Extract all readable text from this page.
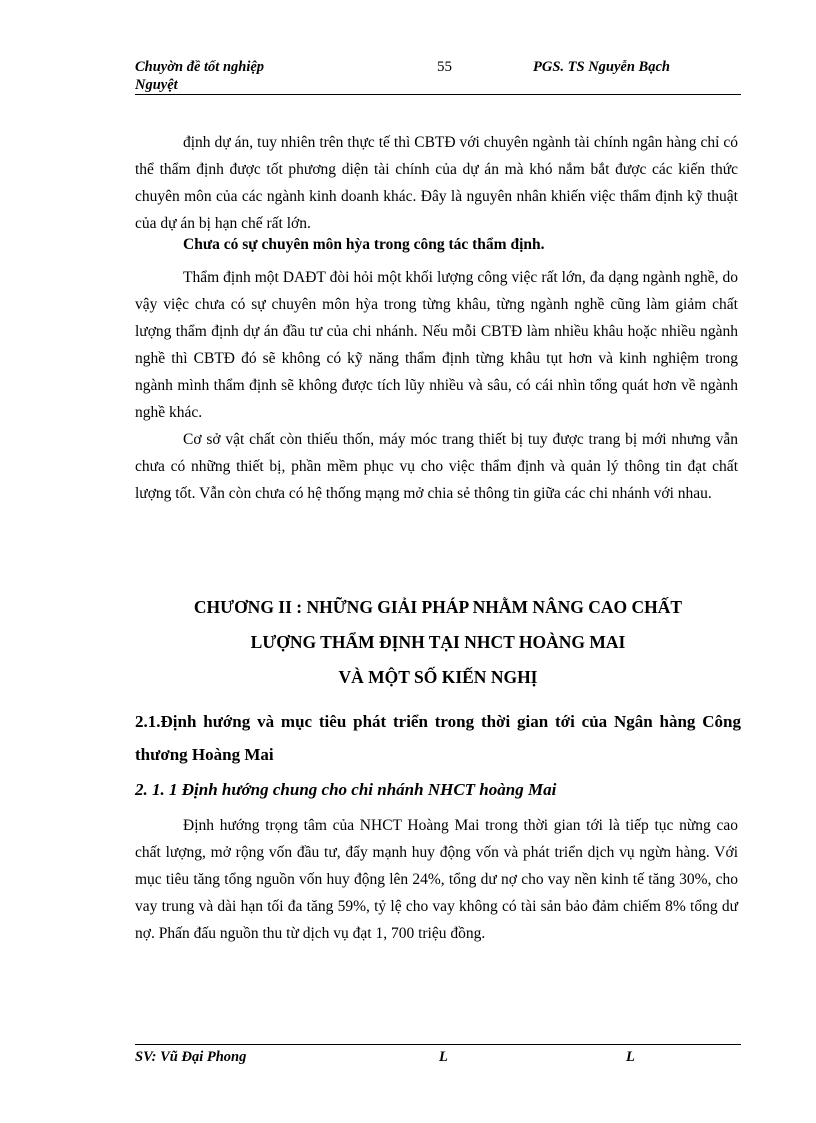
Chuyờn đề tốt nghiệp	55	PGS. TS Nguyễn Bạch
Nguyệt

định dự án, tuy nhiên trên thực tế thì CBTĐ với chuyên ngành tài chính ngân hàng chỉ có thể thẩm định được tốt phương diện tài chính của dự án mà khó nắm bắt được các kiến thức chuyên môn của các ngành kinh doanh khác. Đây là nguyên nhân khiến việc thẩm định kỹ thuật của dự án bị hạn chế rất lớn.

Chưa có sự chuyên môn hỳa trong công tác thẩm định.

Thẩm định một DAĐT đòi hỏi một khối lượng công việc rất lớn, đa dạng ngành nghề, do vậy việc chưa có sự chuyên môn hỳa trong từng khâu, từng ngành nghề cũng làm giảm chất lượng thẩm định dự án đầu tư của chi nhánh. Nếu mỗi CBTĐ làm nhiều khâu hoặc nhiều ngành nghề thì CBTĐ đó sẽ không có kỹ năng thẩm định từng khâu tụt hơn và kinh nghiệm trong ngành mình thẩm định sẽ không được tích lũy nhiều và sâu, có cái nhìn tổng quát hơn về ngành nghề khác.

Cơ sở vật chất còn thiếu thốn, máy móc trang thiết bị tuy được trang bị mới nhưng vẫn chưa có những thiết bị, phần mềm phục vụ cho việc thẩm định và quản lý thông tin đạt chất lượng tốt. Vẫn còn chưa có hệ thống mạng mở chia sẻ thông tin giữa các chi nhánh với nhau.

CHƯƠNG II : NHỮNG GIẢI PHÁP NHẰM NÂNG CAO CHẤT
LƯỢNG THẨM ĐỊNH TẠI NHCT HOÀNG MAI
VÀ MỘT SỐ KIẾN NGHỊ
2.1.Định hướng và mục tiêu phát triển trong thời gian tới của Ngân hàng Công thương Hoàng Mai
2. 1. 1 Định hướng chung cho chi nhánh NHCT hoàng Mai

Định hướng trọng tâm của NHCT Hoàng Mai trong thời gian tới là tiếp tục nừng cao chất lượng, mở rộng vốn đầu tư, đẩy mạnh huy động vốn và phát triển dịch vụ ngừn hàng. Với mục tiêu tăng tổng nguồn vốn huy động lên 24%, tổng dư nợ cho vay nền kinh tế tăng 30%, cho vay trung và dài hạn tối đa tăng 59%, tỷ lệ cho vay không có tài sản bảo đảm chiếm 8% tổng dư nợ. Phấn đấu nguồn thu từ dịch vụ đạt 1, 700 triệu đồng.

SV: Vũ Đại Phong	L	L
